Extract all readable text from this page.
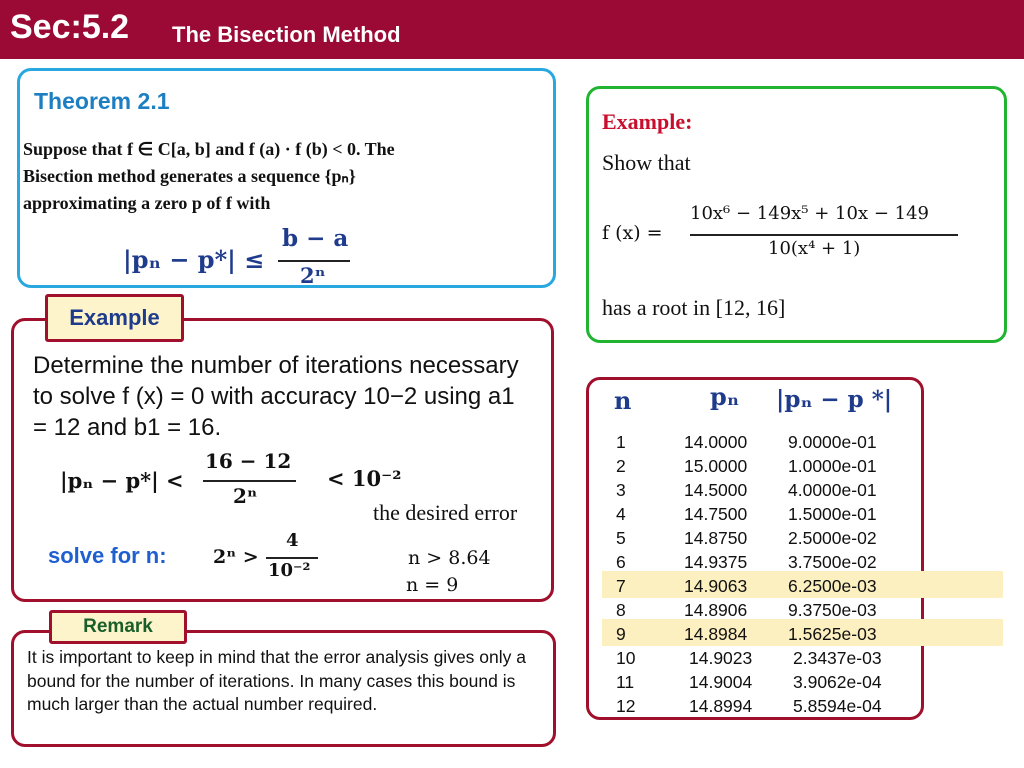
Sec:5.2 The Bisection Method
Theorem 2.1
Suppose that f ∈ C[a, b] and f (a) · f (b) < 0. The
Bisection method generates a sequence {pₙ}
approximating a zero p of f with
|pₙ − p*| ≤
b − a
2ⁿ
Example:
Show that
f (x) =
10x⁶ − 149x⁵ + 10x − 149
10(x⁴ + 1)
has a root in [12, 16]
Example
Determine the number of iterations necessary to solve f (x) = 0 with accuracy 10−2 using a1 = 12 and b1 = 16.
|pₙ − p*| <
16 − 12
2ⁿ
< 10⁻²
the desired error
solve for n: 2ⁿ >
4
10⁻²
n > 8.64
n = 9
Remark
It is important to keep in mind that the error analysis gives only a bound for the number of iterations. In many cases this bound is much larger than the actual number required.
n	pₙ |pₙ − p *|
1	14.0000 9.0000e-01
2	15.0000 1.0000e-01
3	14.5000 4.0000e-01
4	14.7500 1.5000e-01
5	14.8750 2.5000e-02
6	14.9375 3.7500e-02
7	14.9063 6.2500e-03
8	14.8906 9.3750e-03
9	14.8984 1.5625e-03
10	14.9023 2.3437e-03
11	14.9004 3.9062e-04
12	14.8994 5.8594e-04
